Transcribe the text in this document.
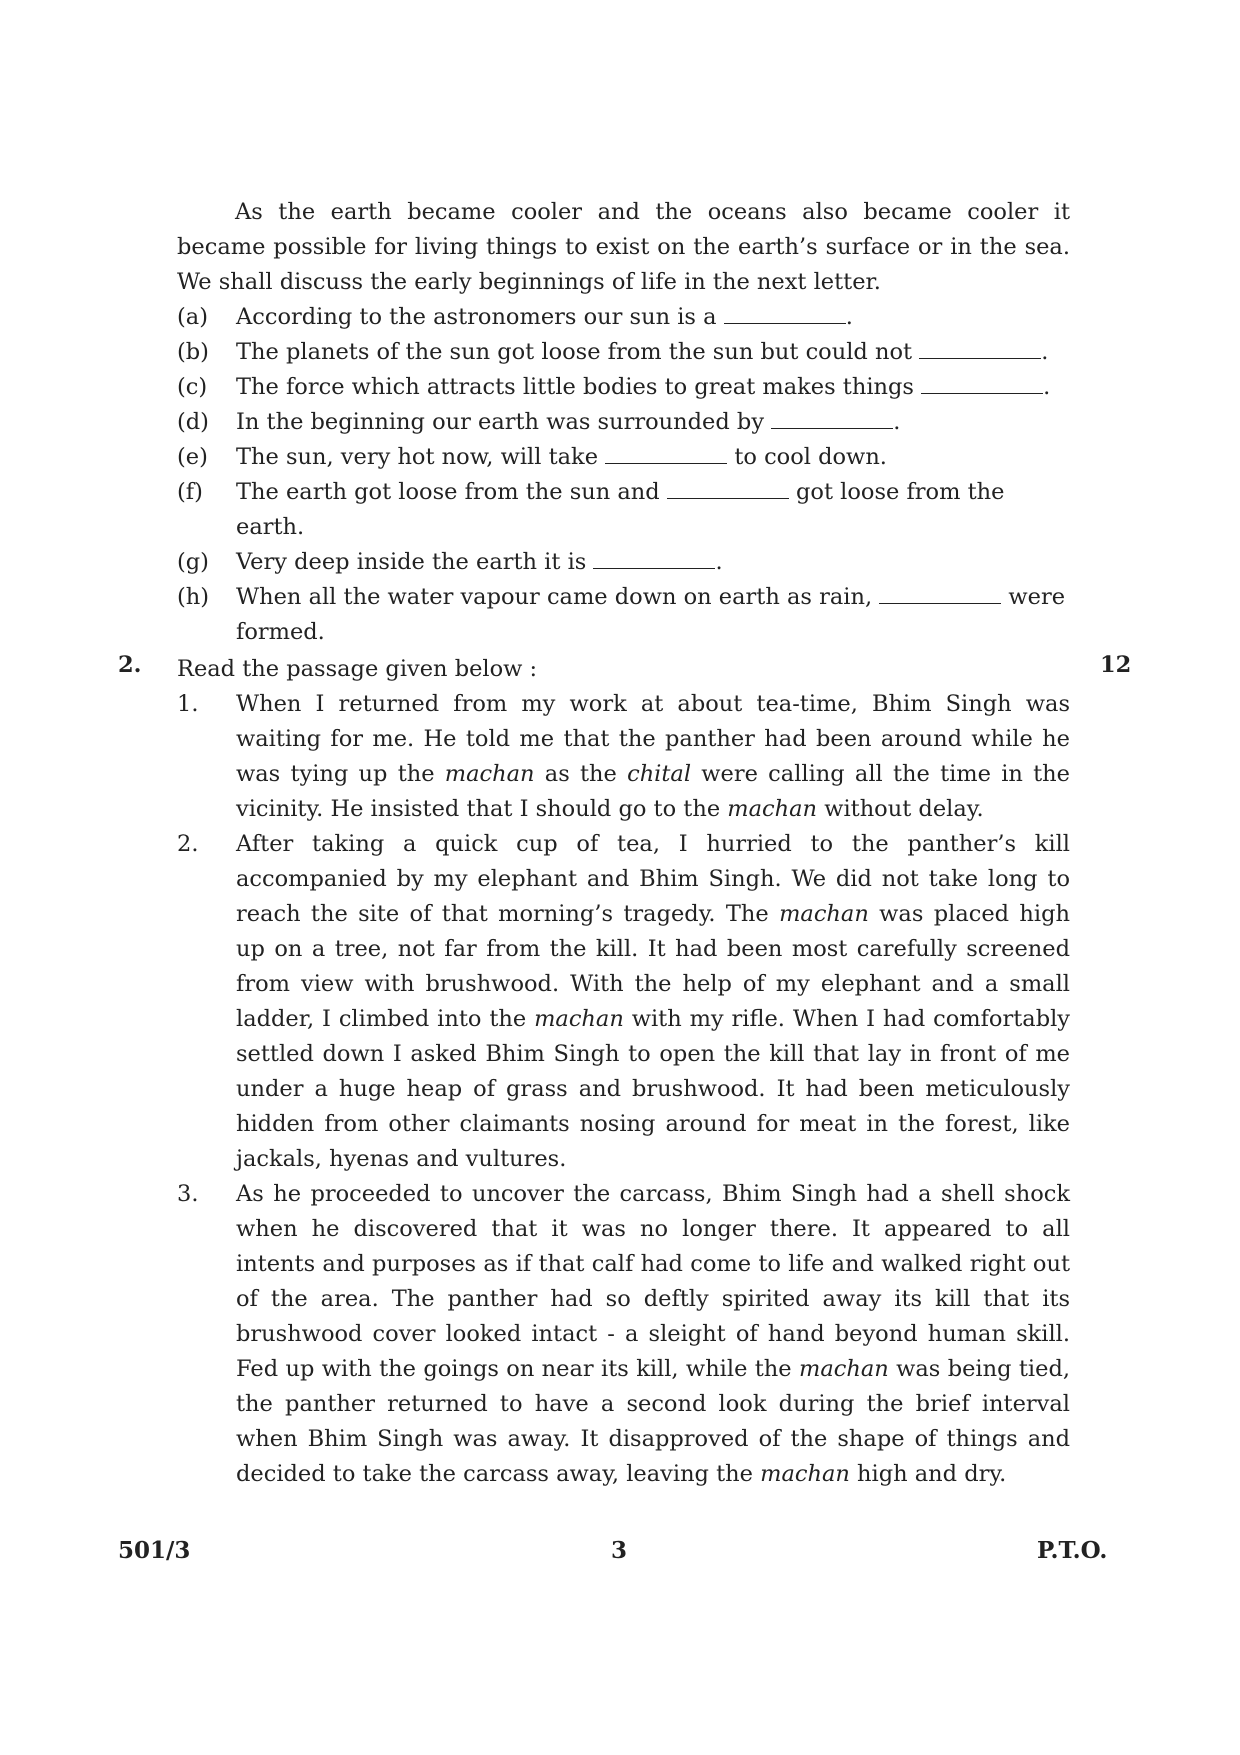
As the earth became cooler and the oceans also became cooler it became possible for living things to exist on the earth’s surface or in the sea. We shall discuss the early beginnings of life in the next letter.

(a)	According to the astronomers our sun is a	.
(b)	The planets of the sun got loose from the sun but could not	.
(c)	The force which attracts little bodies to great makes things	.
(d)	In the beginning our earth was surrounded by	.
(e)	The sun, very hot now, will take	to cool down.
(f)	The earth got loose from the sun and	got loose from the earth.
(g)	Very deep inside the earth it is	.
(h)	When all the water vapour came down on earth as rain,	were formed.
2.	12

Read the passage given below :

1.	When I returned from my work at about tea-time, Bhim Singh was waiting for me. He told me that the panther had been around while he was tying up the machan as the chital were calling all the time in the vicinity. He insisted that I should go to the machan without delay.
2.	After taking a quick cup of tea, I hurried to the panther’s kill accompanied by my elephant and Bhim Singh. We did not take long to reach the site of that morning’s tragedy. The machan was placed high up on a tree, not far from the kill. It had been most carefully screened from view with brushwood. With the help of my elephant and a small ladder, I climbed into the machan with my rifle. When I had comfortably settled down I asked Bhim Singh to open the kill that lay in front of me under a huge heap of grass and brushwood. It had been meticulously hidden from other claimants nosing around for meat in the forest, like jackals, hyenas and vultures.
3.	As he proceeded to uncover the carcass, Bhim Singh had a shell shock when he discovered that it was no longer there. It appeared to all intents and purposes as if that calf had come to life and walked right out of the area. The panther had so deftly spirited away its kill that its brushwood cover looked intact - a sleight of hand beyond human skill. Fed up with the goings on near its kill, while the machan was being tied, the panther returned to have a second look during the brief interval when Bhim Singh was away. It disapproved of the shape of things and decided to take the carcass away, leaving the machan high and dry.
501/3	3	P.T.O.
